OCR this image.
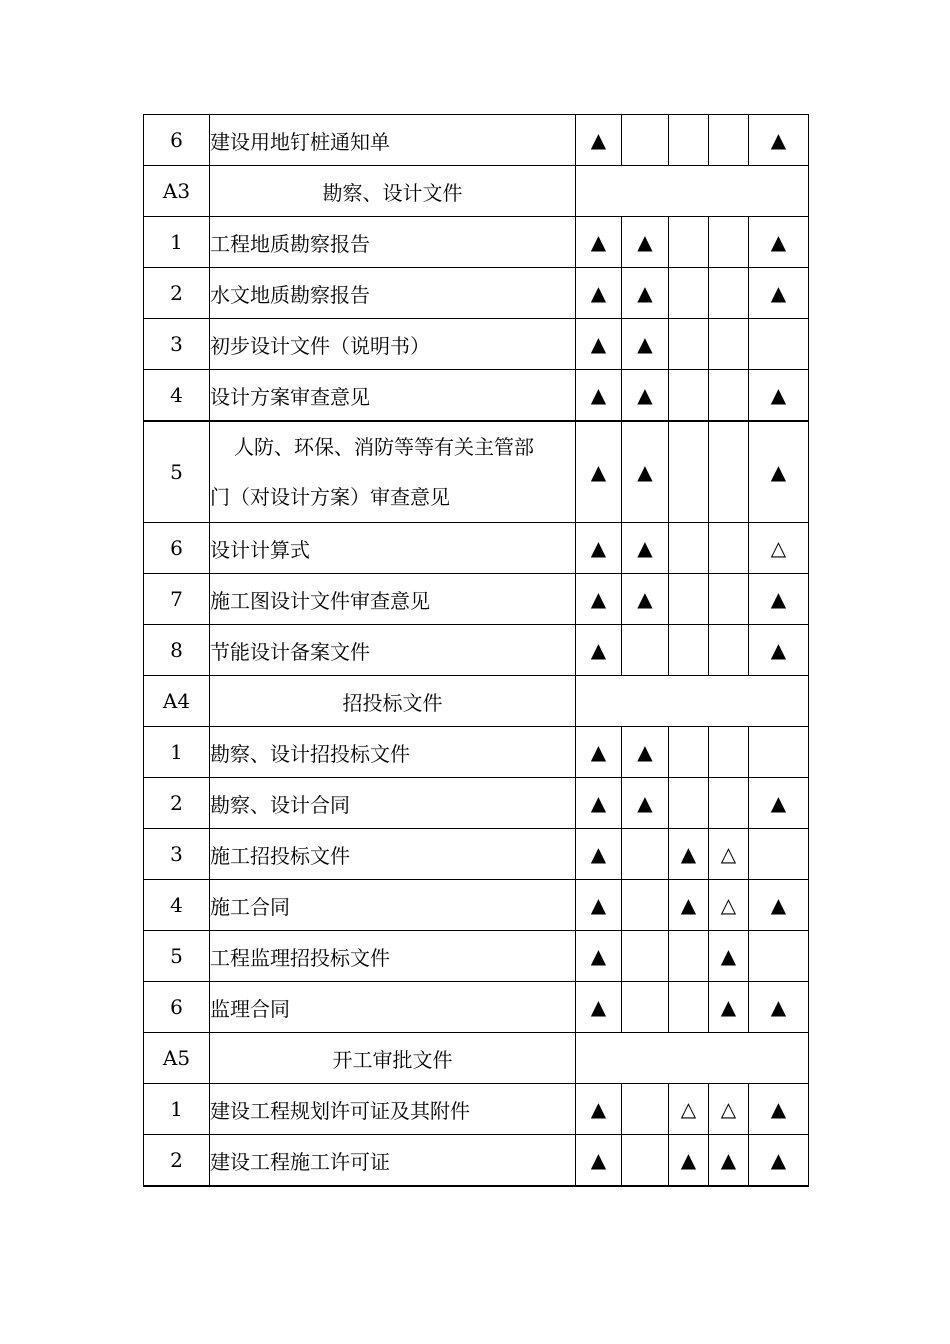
6	建设用地钉桩通知单	▲				▲
A3	勘察、设计文件					
1	工程地质勘察报告	▲	▲			▲
2	水文地质勘察报告	▲	▲			▲
3	初步设计文件（说明书）	▲	▲			
4	设计方案审查意见	▲	▲			▲
5	人防、环保、消防等等有关主管部
门（对设计方案）审查意见	▲	▲			▲
6	设计计算式	▲	▲			△
7	施工图设计文件审查意见	▲	▲			▲
8	节能设计备案文件	▲				▲
A4	招投标文件					
1	勘察、设计招投标文件	▲	▲			
2	勘察、设计合同	▲	▲			▲
3	施工招投标文件	▲		▲	△	
4	施工合同	▲		▲	△	▲
5	工程监理招投标文件	▲			▲	
6	监理合同	▲			▲	▲
A5	开工审批文件					
1	建设工程规划许可证及其附件	▲		△	△	▲
2	建设工程施工许可证	▲		▲	▲	▲
